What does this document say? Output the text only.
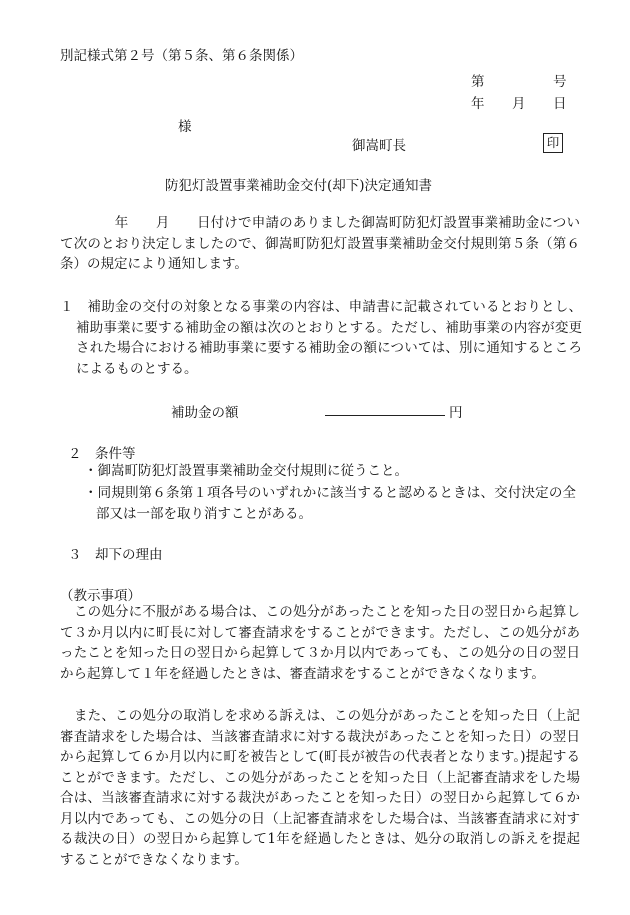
別記様式第２号（第５条、第６条関係）
第	号
年 月 日
様
御嵩町長	印
防犯灯設置事業補助金交付(却下)決定通知書

　　　　年　　月　　日付けで申請のありました御嵩町防犯灯設置事業補助金について次のとおり決定しましたので、御嵩町防犯灯設置事業補助金交付規則第５条（第６条）の規定により通知します。

１　補助金の交付の対象となる事業の内容は、申請書に記載されているとおりとし、補助事業に要する補助金の額は次のとおりとする。ただし、補助事業の内容が変更された場合における補助事業に要する補助金の額については、別に通知するところによるものとする。

補助金の額	円
２　条件等

・御嵩町防犯灯設置事業補助金交付規則に従うこと。

・同規則第６条第１項各号のいずれかに該当すると認めるときは、交付決定の全部又は一部を取り消すことがある。

３　却下の理由
（教示事項）

この処分に不服がある場合は、この処分があったことを知った日の翌日から起算して３か月以内に町長に対して審査請求をすることができます。ただし、この処分があったことを知った日の翌日から起算して３か月以内であっても、この処分の日の翌日から起算して１年を経過したときは、審査請求をすることができなくなります。

また、この処分の取消しを求める訴えは、この処分があったことを知った日（上記審査請求をした場合は、当該審査請求に対する裁決があったことを知った日）の翌日から起算して６か月以内に町を被告として(町長が被告の代表者となります。)提起することができます。ただし、この処分があったことを知った日（上記審査請求をした場合は、当該審査請求に対する裁決があったことを知った日）の翌日から起算して６か月以内であっても、この処分の日（上記審査請求をした場合は、当該審査請求に対する裁決の日）の翌日から起算して1年を経過したときは、処分の取消しの訴えを提起することができなくなります。
